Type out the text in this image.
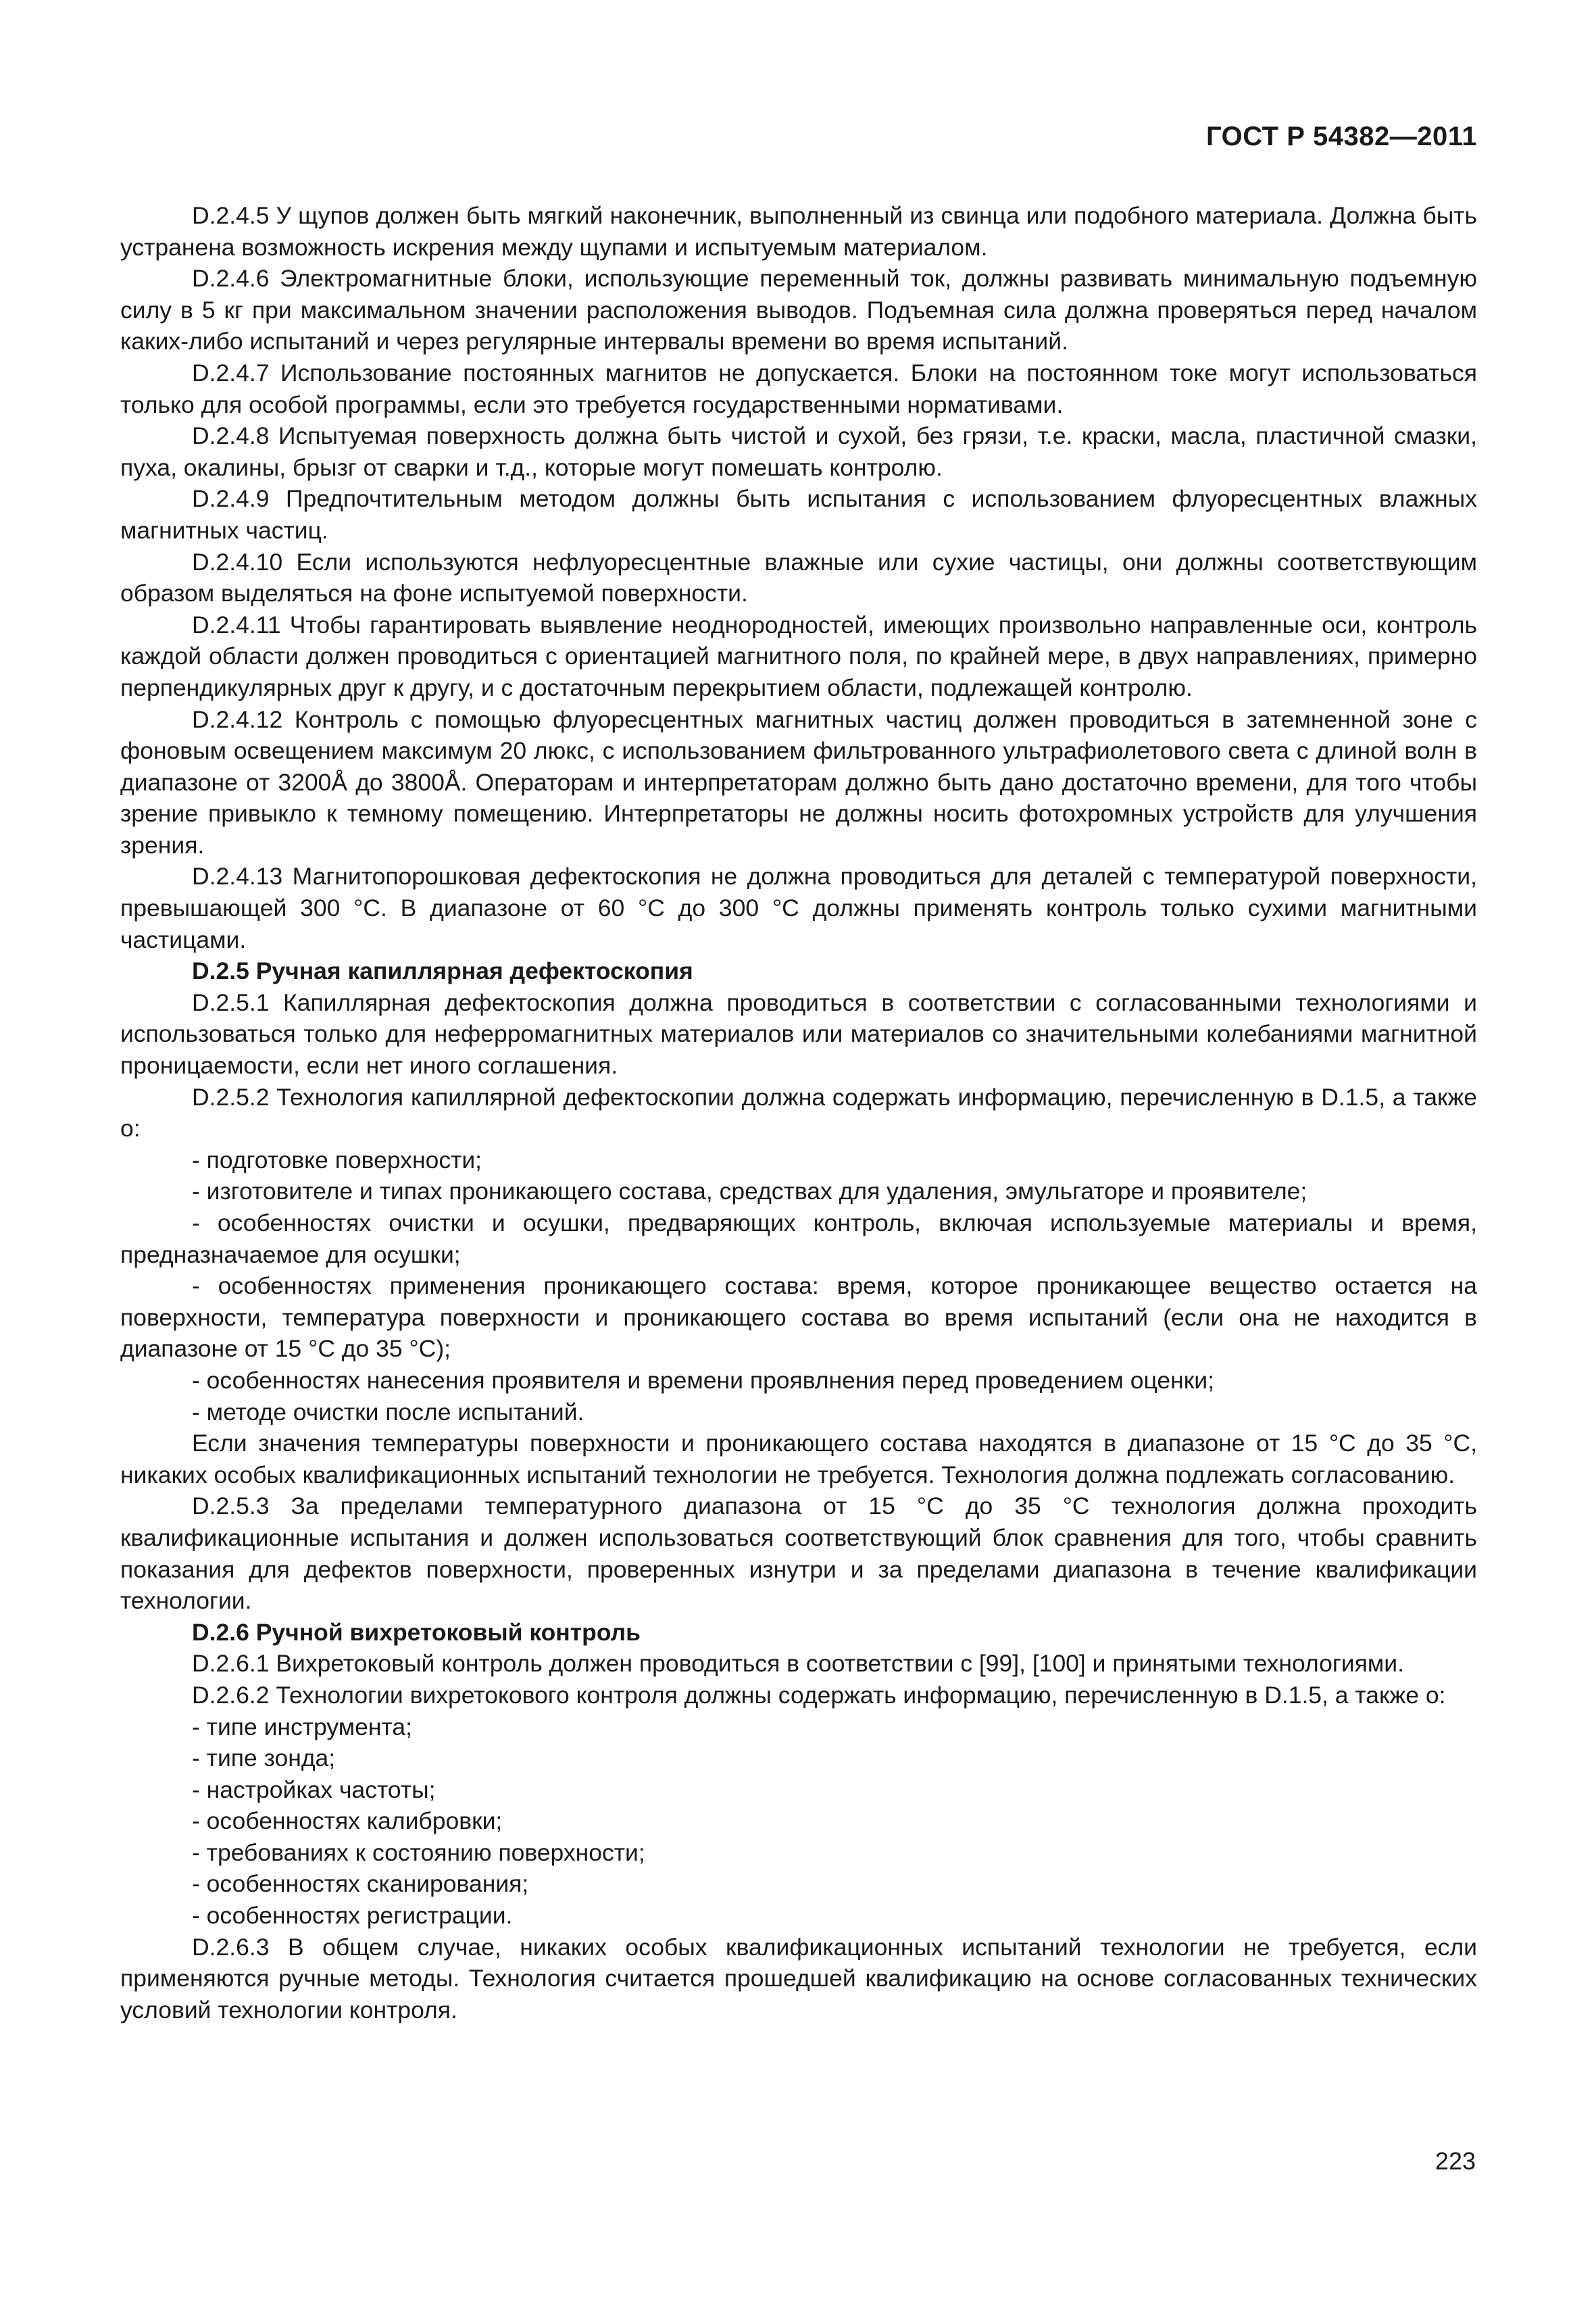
ГОСТ Р 54382—2011

D.2.4.5 У щупов должен быть мягкий наконечник, выполненный из свинца или подобного материала. Должна быть устранена возможность искрения между щупами и испытуемым материалом.

D.2.4.6 Электромагнитные блоки, использующие переменный ток, должны развивать минимальную подъемную силу в 5 кг при максимальном значении расположения выводов. Подъемная сила должна проверяться перед началом каких-либо испытаний и через регулярные интервалы времени во время испытаний.

D.2.4.7 Использование постоянных магнитов не допускается. Блоки на постоянном токе могут использоваться только для особой программы, если это требуется государственными нормативами.

D.2.4.8 Испытуемая поверхность должна быть чистой и сухой, без грязи, т.е. краски, масла, пластичной смазки, пуха, окалины, брызг от сварки и т.д., которые могут помешать контролю.

D.2.4.9 Предпочтительным методом должны быть испытания с использованием флуоресцентных влажных магнитных частиц.

D.2.4.10 Если используются нефлуоресцентные влажные или сухие частицы, они должны соответствующим образом выделяться на фоне испытуемой поверхности.

D.2.4.11 Чтобы гарантировать выявление неоднородностей, имеющих произвольно направленные оси, контроль каждой области должен проводиться с ориентацией магнитного поля, по крайней мере, в двух направлениях, примерно перпендикулярных друг к другу, и с достаточным перекрытием области, подлежащей контролю.

D.2.4.12 Контроль с помощью флуоресцентных магнитных частиц должен проводиться в затемненной зоне с фоновым освещением максимум 20 люкс, с использованием фильтрованного ультрафиолетового света с длиной волн в диапазоне от 3200Å до 3800Å. Операторам и интерпретаторам должно быть дано достаточно времени, для того чтобы зрение привыкло к темному помещению. Интерпретаторы не должны носить фотохромных устройств для улучшения зрения.

D.2.4.13 Магнитопорошковая дефектоскопия не должна проводиться для деталей с температурой поверхности, превышающей 300 °С. В диапазоне от 60 °С до 300 °С должны применять контроль только сухими магнитными частицами.

D.2.5 Ручная капиллярная дефектоскопия

D.2.5.1 Капиллярная дефектоскопия должна проводиться в соответствии с согласованными технологиями и использоваться только для неферромагнитных материалов или материалов со значительными колебаниями магнитной проницаемости, если нет иного соглашения.

D.2.5.2 Технология капиллярной дефектоскопии должна содержать информацию, перечисленную в D.1.5, а также о:

- подготовке поверхности;

- изготовителе и типах проникающего состава, средствах для удаления, эмульгаторе и проявителе;

- особенностях очистки и осушки, предваряющих контроль, включая используемые материалы и время, предназначаемое для осушки;

- особенностях применения проникающего состава: время, которое проникающее вещество остается на поверхности, температура поверхности и проникающего состава во время испытаний (если она не находится в диапазоне от 15 °С до 35 °С);

- особенностях нанесения проявителя и времени проявлнения перед проведением оценки;

- методе очистки после испытаний.

Если значения температуры поверхности и проникающего состава находятся в диапазоне от 15 °С до 35 °С, никаких особых квалификационных испытаний технологии не требуется. Технология должна подлежать согласованию.

D.2.5.3 За пределами температурного диапазона от 15 °С до 35 °С технология должна проходить квалификационные испытания и должен использоваться соответствующий блок сравнения для того, чтобы сравнить показания для дефектов поверхности, проверенных изнутри и за пределами диапазона в течение квалификации технологии.

D.2.6 Ручной вихретоковый контроль

D.2.6.1 Вихретоковый контроль должен проводиться в соответствии с [99], [100] и принятыми технологиями.

D.2.6.2 Технологии вихретокового контроля должны содержать информацию, перечисленную в D.1.5, а также о:

- типе инструмента;

- типе зонда;

- настройках частоты;

- особенностях калибровки;

- требованиях к состоянию поверхности;

- особенностях сканирования;

- особенностях регистрации.

D.2.6.3 В общем случае, никаких особых квалификационных испытаний технологии не требуется, если применяются ручные методы. Технология считается прошедшей квалификацию на основе согласованных технических условий технологии контроля.

223
